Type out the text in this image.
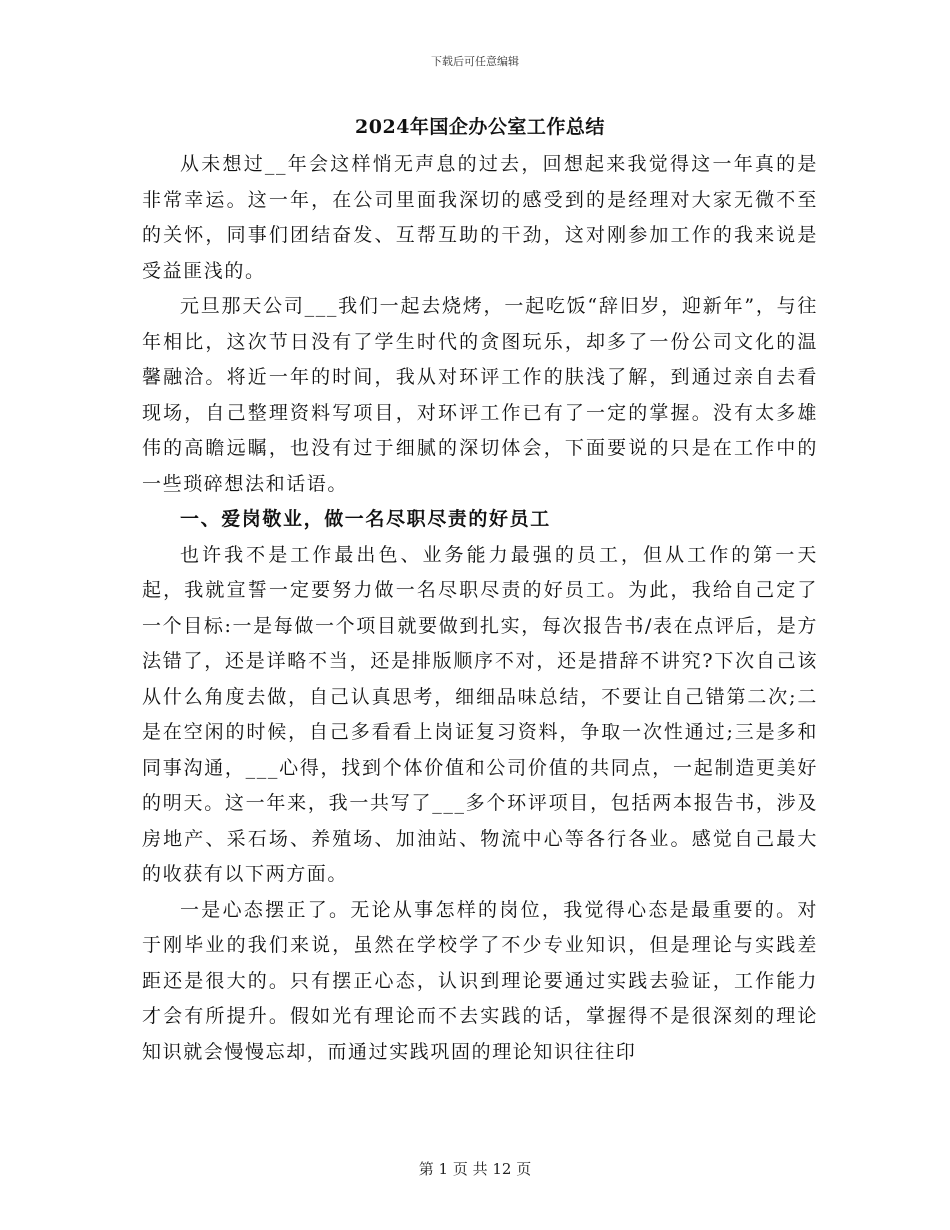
下载后可任意编辑
2024年国企办公室工作总结

从未想过__年会这样悄无声息的过去，回想起来我觉得这一年真的是非常幸运。这一年，在公司里面我深切的感受到的是经理对大家无微不至的关怀，同事们团结奋发、互帮互助的干劲，这对刚参加工作的我来说是受益匪浅的。

元旦那天公司___我们一起去烧烤，一起吃饭“辞旧岁，迎新年”，与往年相比，这次节日没有了学生时代的贪图玩乐，却多了一份公司文化的温馨融洽。将近一年的时间，我从对环评工作的肤浅了解，到通过亲自去看现场，自己整理资料写项目，对环评工作已有了一定的掌握。没有太多雄伟的高瞻远瞩，也没有过于细腻的深切体会，下面要说的只是在工作中的一些琐碎想法和话语。

一、爱岗敬业，做一名尽职尽责的好员工

也许我不是工作最出色、业务能力最强的员工，但从工作的第一天起，我就宣誓一定要努力做一名尽职尽责的好员工。为此，我给自己定了一个目标:一是每做一个项目就要做到扎实，每次报告书/表在点评后，是方法错了，还是详略不当，还是排版顺序不对，还是措辞不讲究?下次自己该从什么角度去做，自己认真思考，细细品味总结，不要让自己错第二次;二是在空闲的时候，自己多看看上岗证复习资料，争取一次性通过;三是多和同事沟通，___心得，找到个体价值和公司价值的共同点，一起制造更美好的明天。这一年来，我一共写了___多个环评项目，包括两本报告书，涉及房地产、采石场、养殖场、加油站、物流中心等各行各业。感觉自己最大的收获有以下两方面。

一是心态摆正了。无论从事怎样的岗位，我觉得心态是最重要的。对于刚毕业的我们来说，虽然在学校学了不少专业知识，但是理论与实践差距还是很大的。只有摆正心态，认识到理论要通过实践去验证，工作能力才会有所提升。假如光有理论而不去实践的话，掌握得不是很深刻的理论知识就会慢慢忘却，而通过实践巩固的理论知识往往印

第 1 页 共 12 页
